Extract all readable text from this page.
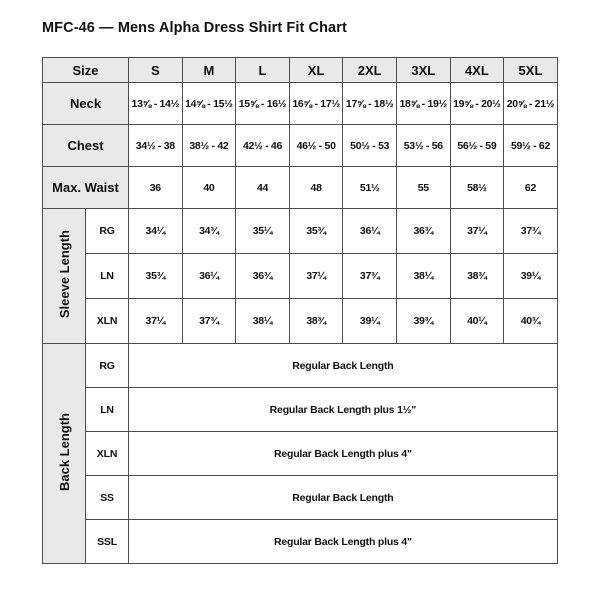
MFC-46 — Mens Alpha Dress Shirt Fit Chart
Size		S	M	L	XL	2XL	3XL	4XL	5XL
Neck		13⅝ - 14½	14⅝ - 15½	15⅝ - 16½	16⅝ - 17½	17⅝ - 18½	18⅝ - 19½	19⅝ - 20½	20⅝ - 21½
Chest		34½ - 38	38½ - 42	42½ - 46	46½ - 50	50½ - 53	53½ - 56	56½ - 59	59½ - 62
Max. Waist		36	40	44	48	51½	55	58½	62
Sleeve Length	RG	34¼	34¾	35¼	35¾	36¼	36¾	37¼	37¾
	LN	35¾	36¼	36¾	37¼	37¾	38¼	38¾	39¼
	XLN	37¼	37¾	38¼	38¾	39¼	39¾	40¼	40¾
Back Length	RG	Regular Back Length							
	LN	Regular Back Length plus 1½"							
	XLN	Regular Back Length plus 4"							
	SS	Regular Back Length							
	SSL	Regular Back Length plus 4"							
